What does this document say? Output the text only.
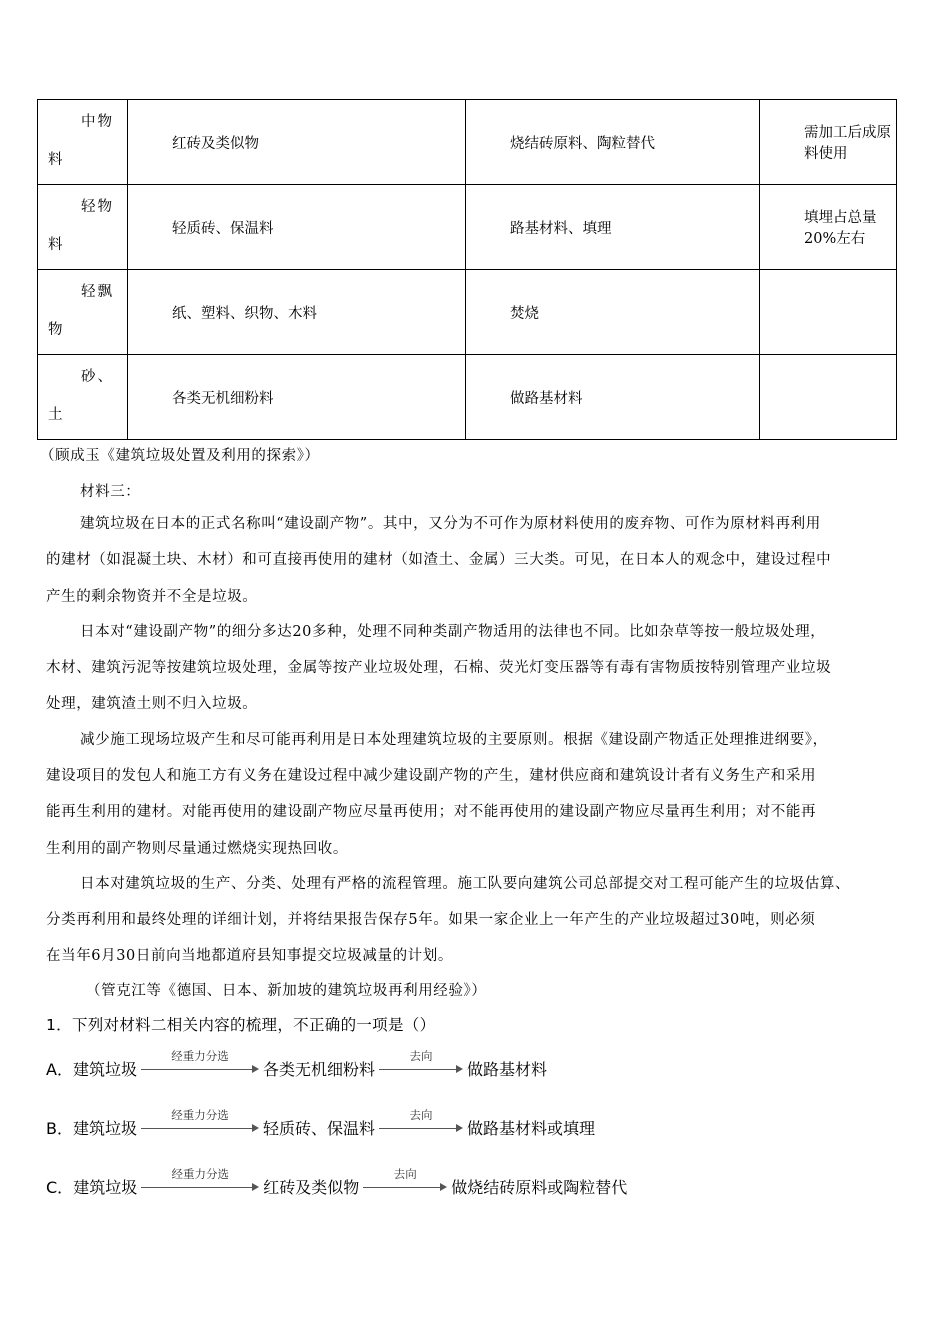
中物
料	红砖及类似物	烧结砖原料、陶粒替代	需加工后成原料使用

轻物
料	轻质砖、保温料	路基材料、填理	填埋占总量20%左右

轻飘
物	纸、塑料、织物、木料	焚烧	

砂、
土	各类无机细粉料	做路基材料	
（顾成玉《建筑垃圾处置及利用的探索》）
材料三：
建筑垃圾在日本的正式名称叫“建设副产物”。其中，又分为不可作为原材料使用的废弃物、可作为原材料再利用
的建材（如混凝土块、木材）和可直接再使用的建材（如渣土、金属）三大类。可见，在日本人的观念中，建设过程中
产生的剩余物资并不全是垃圾。
日本对“建设副产物”的细分多达20多种，处理不同种类副产物适用的法律也不同。比如杂草等按一般垃圾处理，
木材、建筑污泥等按建筑垃圾处理，金属等按产业垃圾处理，石棉、荧光灯变压器等有毒有害物质按特别管理产业垃圾
处理，建筑渣土则不归入垃圾。
减少施工现场垃圾产生和尽可能再利用是日本处理建筑垃圾的主要原则。根据《建设副产物适正处理推进纲要》，
建设项目的发包人和施工方有义务在建设过程中减少建设副产物的产生，建材供应商和建筑设计者有义务生产和采用
能再生利用的建材。对能再使用的建设副产物应尽量再使用；对不能再使用的建设副产物应尽量再生利用；对不能再
生利用的副产物则尽量通过燃烧实现热回收。
日本对建筑垃圾的生产、分类、处理有严格的流程管理。施工队要向建筑公司总部提交对工程可能产生的垃圾估算、
分类再利用和最终处理的详细计划，并将结果报告保存5年。如果一家企业上一年产生的产业垃圾超过30吨，则必须
在当年6月30日前向当地都道府县知事提交垃圾减量的计划。
（管克江等《德国、日本、新加坡的建筑垃圾再利用经验》）
1．下列对材料二相关内容的梳理，不正确的一项是（）
A． 建筑垃圾
经重力分选
各类无机细粉料
去向
做路基材料
B． 建筑垃圾
经重力分选
轻质砖、保温料
去向
做路基材料或填理
C． 建筑垃圾
经重力分选
红砖及类似物
去向
做烧结砖原料或陶粒替代
